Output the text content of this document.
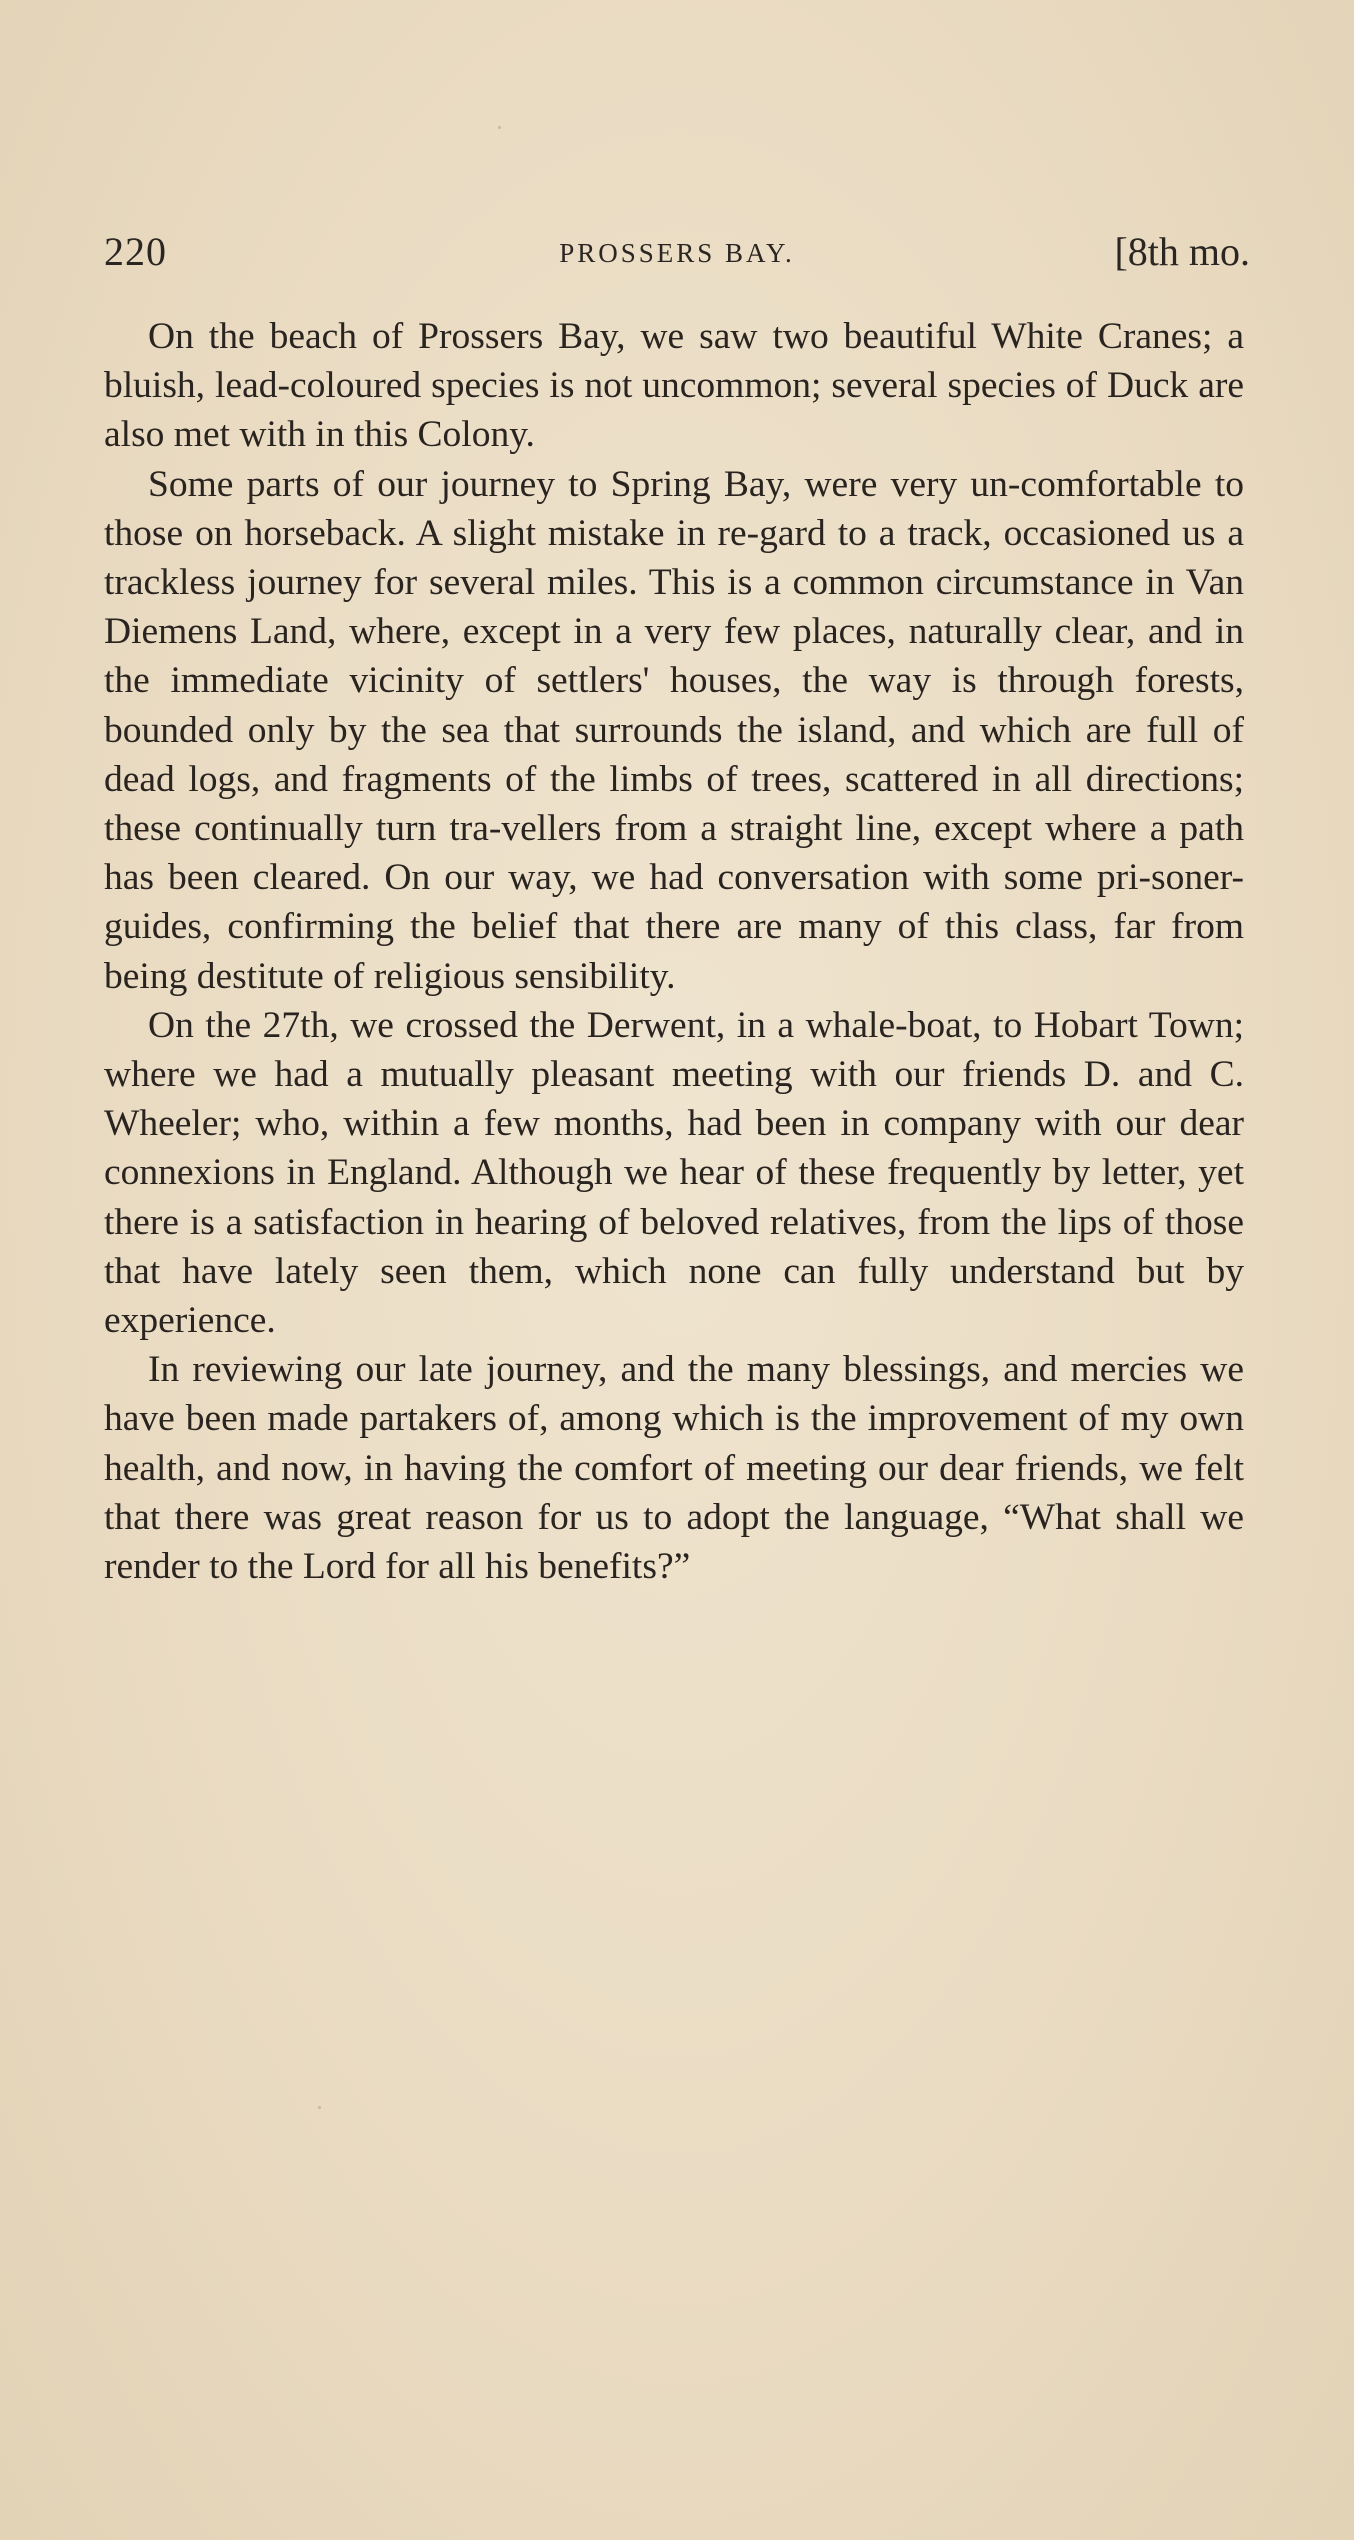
220	PROSSERS BAY.	[8th mo.

On the beach of Prossers Bay, we saw two beautiful White Cranes; a bluish, lead-coloured species is not uncommon; several species of Duck are also met with in this Colony.

Some parts of our journey to Spring Bay, were very un-comfortable to those on horseback. A slight mistake in re-gard to a track, occasioned us a trackless journey for several miles. This is a common circumstance in Van Diemens Land, where, except in a very few places, naturally clear, and in the immediate vicinity of settlers' houses, the way is through forests, bounded only by the sea that surrounds the island, and which are full of dead logs, and fragments of the limbs of trees, scattered in all directions; these continually turn tra-vellers from a straight line, except where a path has been cleared. On our way, we had conversation with some pri-soner-guides, confirming the belief that there are many of this class, far from being destitute of religious sensibility.

On the 27th, we crossed the Derwent, in a whale-boat, to Hobart Town; where we had a mutually pleasant meeting with our friends D. and C. Wheeler; who, within a few months, had been in company with our dear connexions in England. Although we hear of these frequently by letter, yet there is a satisfaction in hearing of beloved relatives, from the lips of those that have lately seen them, which none can fully understand but by experience.

In reviewing our late journey, and the many blessings, and mercies we have been made partakers of, among which is the improvement of my own health, and now, in having the comfort of meeting our dear friends, we felt that there was great reason for us to adopt the language, “What shall we render to the Lord for all his benefits?”
